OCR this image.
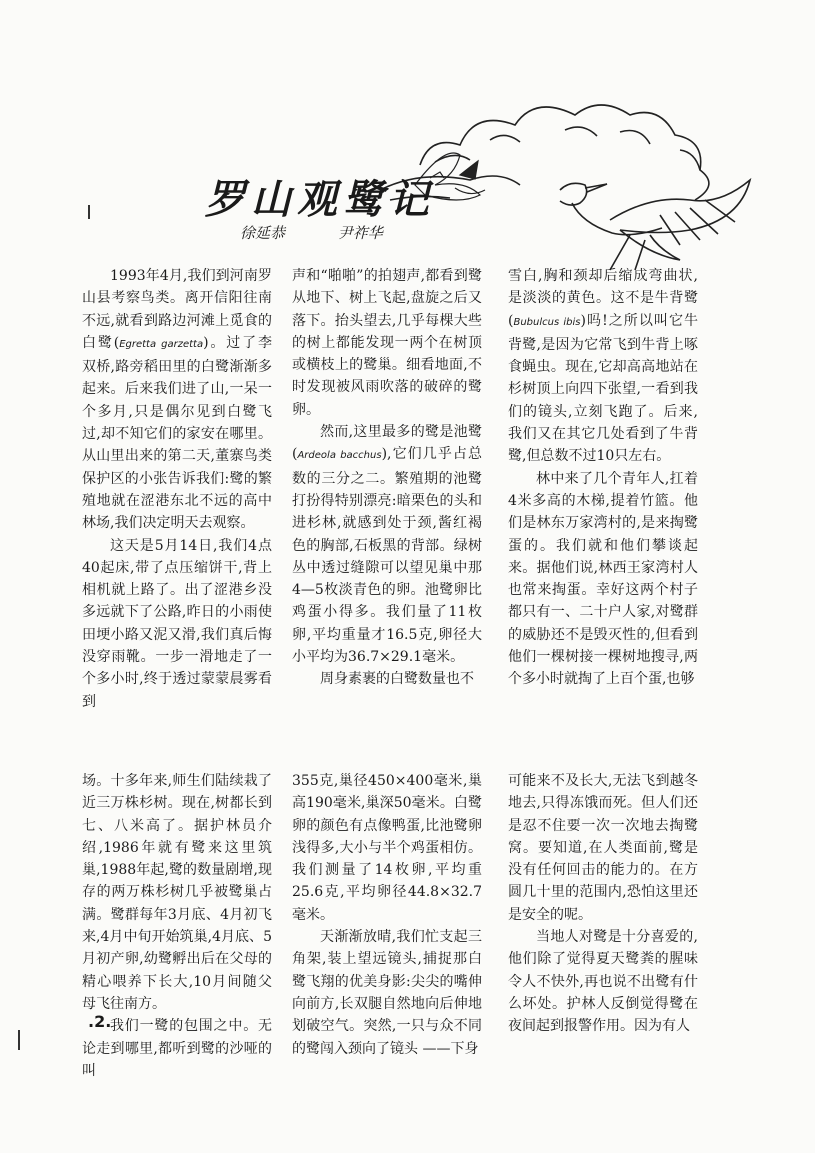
罗山观鹭记
徐延恭	尹祚华

1993年4月,我们到河南罗山县考察鸟类。离开信阳往南不远,就看到路边河滩上觅食的白鹭(Egretta garzetta)。过了李双桥,路旁稻田里的白鹭渐渐多起来。后来我们进了山,一呆一个多月,只是偶尔见到白鹭飞过,却不知它们的家安在哪里。从山里出来的第二天,董寨鸟类保护区的小张告诉我们:鹭的繁殖地就在涩港东北不远的高中林场,我们决定明天去观察。

这天是5月14日,我们4点40起床,带了点压缩饼干,背上相机就上路了。出了涩港乡没多远就下了公路,昨日的小雨使田埂小路又泥又滑,我们真后悔没穿雨靴。一步一滑地走了一个多小时,终于透过蒙蒙晨雾看到

声和“啪啪”的拍翅声,都看到鹭从地下、树上飞起,盘旋之后又落下。抬头望去,几乎每棵大些的树上都能发现一两个在树顶或横枝上的鹭巢。细看地面,不时发现被风雨吹落的破碎的鹭卵。

然而,这里最多的鹭是池鹭(Ardeola bacchus),它们几乎占总数的三分之二。繁殖期的池鹭打扮得特别漂亮:暗栗色的头和进杉林,就感到处于颈,酱红褐色的胸部,石板黑的背部。绿树丛中透过缝隙可以望见巢中那4—5枚淡青色的卵。池鹭卵比鸡蛋小得多。我们量了11枚卵,平均重量才16.5克,卵径大小平均为36.7×29.1毫米。

周身素裹的白鹭数量也不

雪白,胸和颈却后缩成弯曲状,是淡淡的黄色。这不是牛背鹭(Bubulcus ibis)吗!之所以叫它牛背鹭,是因为它常飞到牛背上啄食蝇虫。现在,它却高高地站在杉树顶上向四下张望,一看到我们的镜头,立刻飞跑了。后来,我们又在其它几处看到了牛背鹭,但总数不过10只左右。

林中来了几个青年人,扛着4米多高的木梯,提着竹篮。他们是林东万家湾村的,是来掏鹭蛋的。我们就和他们攀谈起来。据他们说,林西王家湾村人也常来掏蛋。幸好这两个村子都只有一、二十户人家,对鹭群的威胁还不是毁灭性的,但看到他们一棵树接一棵树地搜寻,两个多小时就掏了上百个蛋,也够

场。十多年来,师生们陆续栽了近三万株杉树。现在,树都长到七、八米高了。据护林员介绍,1986年就有鹭来这里筑巢,1988年起,鹭的数量剧增,现存的两万株杉树几乎被鹭巢占满。鹭群每年3月底、4月初飞来,4月中旬开始筑巢,4月底、5月初产卵,幼鹭孵出后在父母的精心喂养下长大,10月间随父母飞往南方。

我们一鹭的包围之中。无论走到哪里,都听到鹭的沙哑的叫

355克,巢径450×400毫米,巢高190毫米,巢深50毫米。白鹭卵的颜色有点像鸭蛋,比池鹭卵浅得多,大小与半个鸡蛋相仿。我们测量了14枚卵,平均重25.6克,平均卵径44.8×32.7毫米。

天渐渐放晴,我们忙支起三角架,装上望远镜头,捕捉那白鹭飞翔的优美身影:尖尖的嘴伸向前方,长双腿自然地向后伸地划破空气。突然,一只与众不同的鹭闯入颈向了镜头 ——下身

可能来不及长大,无法飞到越冬地去,只得冻饿而死。但人们还是忍不住要一次一次地去掏鹭窝。要知道,在人类面前,鹭是没有任何回击的能力的。在方圆几十里的范围内,恐怕这里还是安全的呢。

当地人对鹭是十分喜爱的,他们除了觉得夏天鹭粪的腥味令人不快外,再也说不出鹭有什么坏处。护林人反倒觉得鹭在夜间起到报警作用。因为有人

.2.
